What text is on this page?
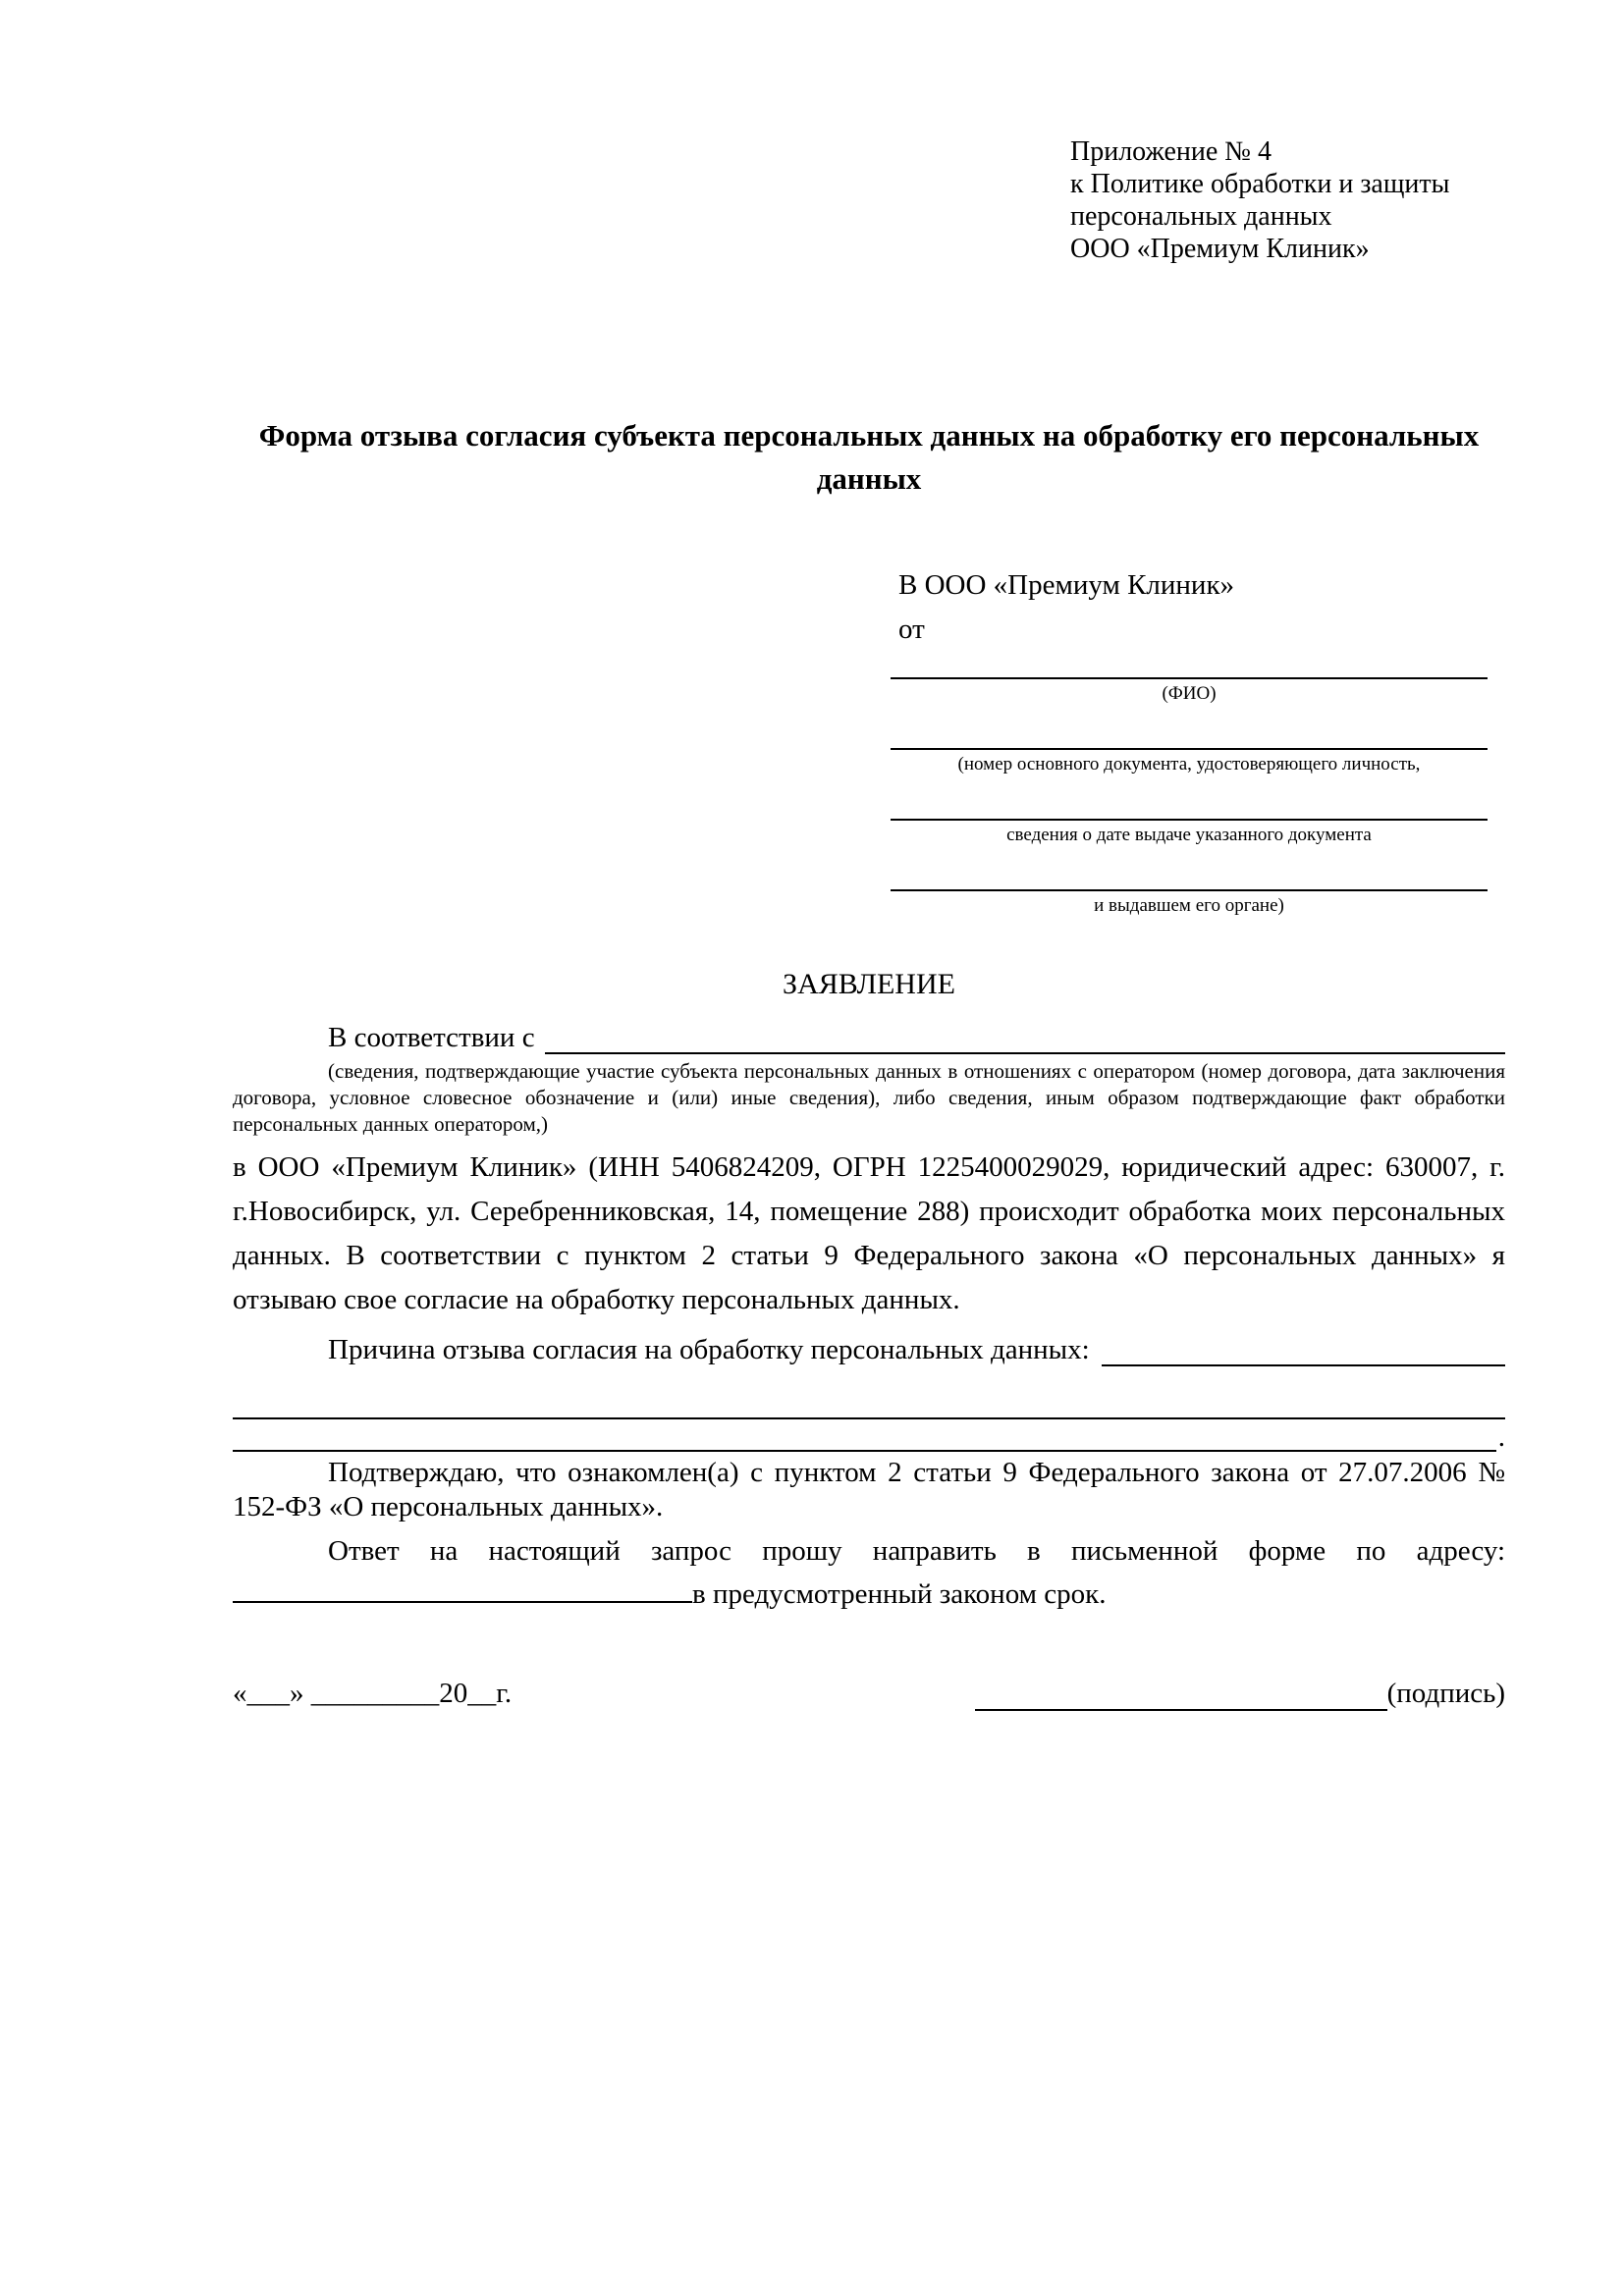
Приложение № 4
к Политике обработки и защиты
персональных данных
ООО «Премиум Клиник»
Форма отзыва согласия субъекта персональных данных на обработку его персональных данных
В ООО «Премиум Клиник»
от
(ФИО)
(номер основного документа, удостоверяющего личность,
сведения о дате выдаче указанного документа
и выдавшем его органе)
ЗАЯВЛЕНИЕ
В соответствии с
(сведения, подтверждающие участие субъекта персональных данных в отношениях с оператором (номер договора, дата заключения договора, условное словесное обозначение и (или) иные сведения), либо сведения, иным образом подтверждающие факт обработки персональных данных оператором,)
в ООО «Премиум Клиник» (ИНН 5406824209, ОГРН 1225400029029, юридический адрес: 630007, г. г.Новосибирск, ул. Серебренниковская, 14, помещение 288) происходит обработка моих персональных данных. В соответствии с пунктом 2 статьи 9 Федерального закона «О персональных данных» я отзываю свое согласие на обработку персональных данных.
Причина отзыва согласия на обработку персональных данных:
.
Подтверждаю, что ознакомлен(а) с пунктом 2 статьи 9 Федерального закона от 27.07.2006 № 152-ФЗ «О персональных данных».
Ответ на настоящий запрос прошу направить в письменной форме по адресу: в предусмотренный законом срок.
«___» _________20__г.	(подпись)
